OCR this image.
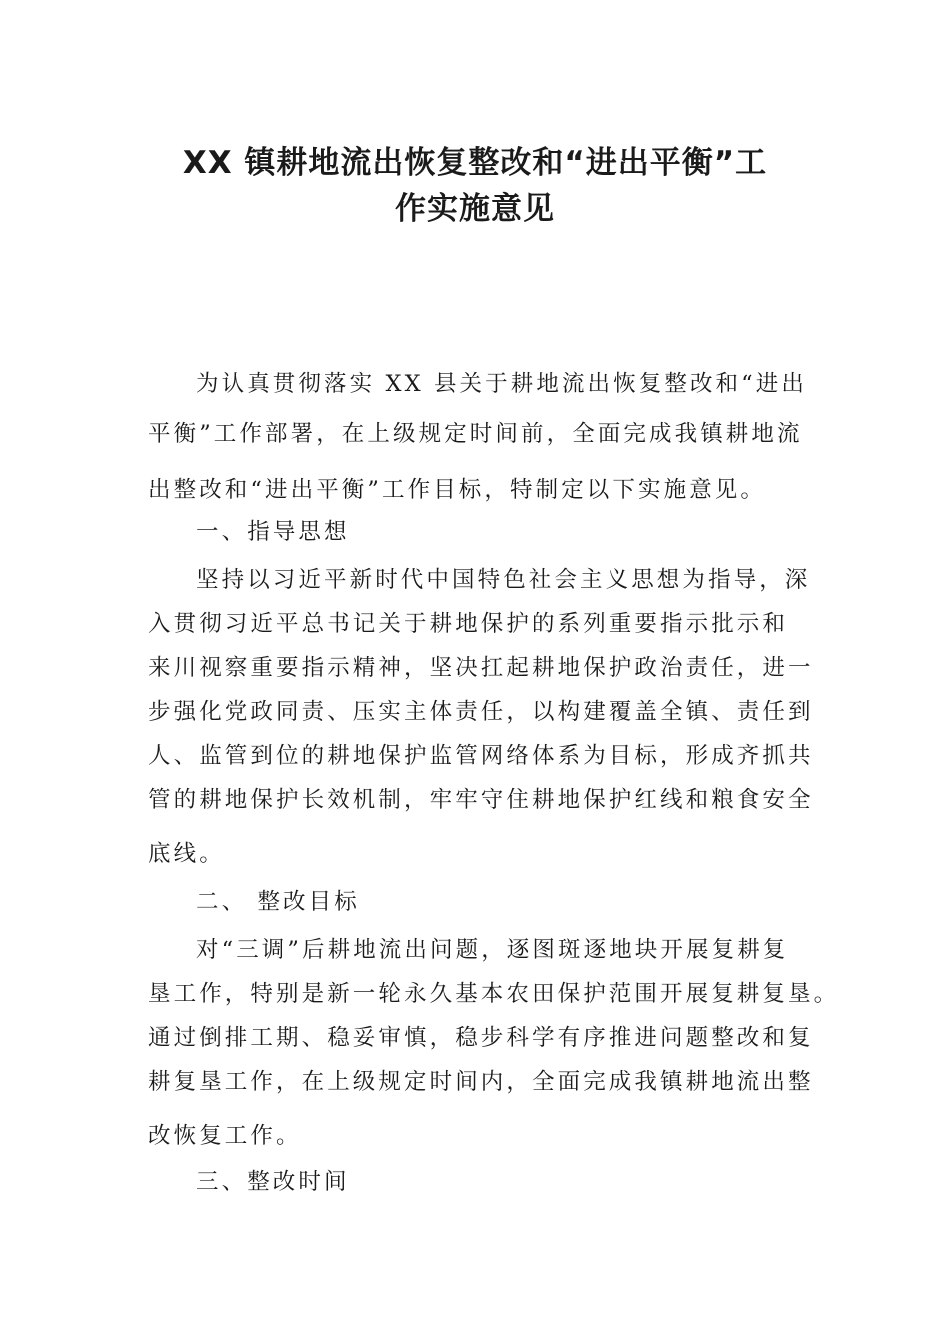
XX 镇耕地流出恢复整改和“进出平衡”工
作实施意见
为认真贯彻落实 XX 县关于耕地流出恢复整改和“进出
平衡”工作部署，在上级规定时间前，全面完成我镇耕地流
出整改和“进出平衡”工作目标，特制定以下实施意见。
一、指导思想
坚持以习近平新时代中国特色社会主义思想为指导，深
入贯彻习近平总书记关于耕地保护的系列重要指示批示和
来川视察重要指示精神，坚决扛起耕地保护政治责任，进一
步强化党政同责、压实主体责任，以构建覆盖全镇、责任到
人、监管到位的耕地保护监管网络体系为目标，形成齐抓共
管的耕地保护长效机制，牢牢守住耕地保护红线和粮食安全
底线。
二、 整改目标
对“三调”后耕地流出问题，逐图斑逐地块开展复耕复
垦工作，特别是新一轮永久基本农田保护范围开展复耕复垦。
通过倒排工期、稳妥审慎，稳步科学有序推进问题整改和复
耕复垦工作，在上级规定时间内，全面完成我镇耕地流出整
改恢复工作。
三、整改时间
